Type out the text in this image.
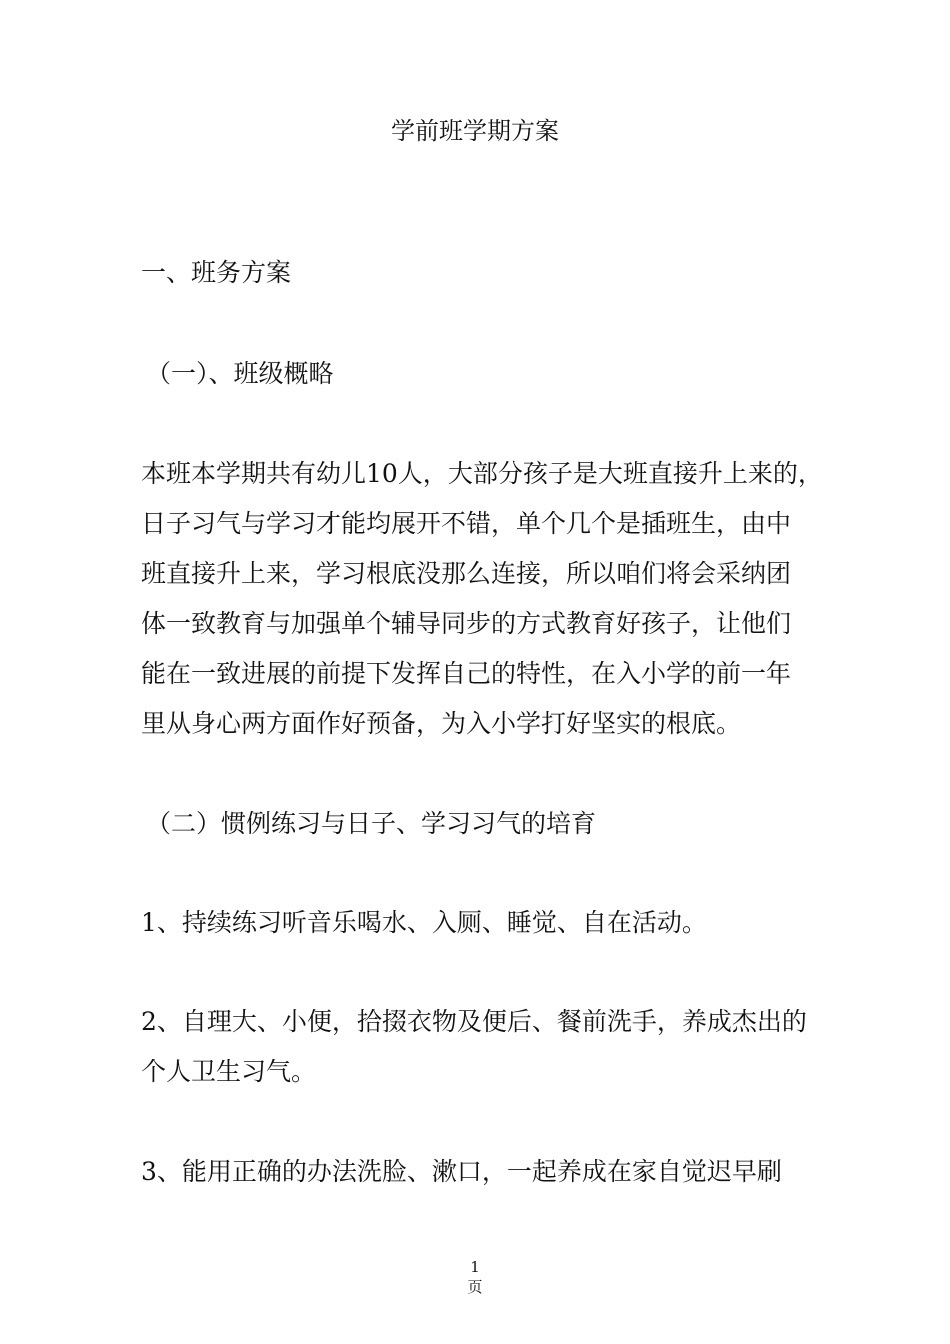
学前班学期方案
一、班务方案
（一）、班级概略
本班本学期共有幼儿10人，大部分孩子是大班直接升上来的，
日子习气与学习才能均展开不错，单个几个是插班生，由中
班直接升上来，学习根底没那么连接，所以咱们将会采纳团
体一致教育与加强单个辅导同步的方式教育好孩子，让他们
能在一致进展的前提下发挥自己的特性，在入小学的前一年
里从身心两方面作好预备，为入小学打好坚实的根底。
（二）惯例练习与日子、学习习气的培育
1、持续练习听音乐喝水、入厕、睡觉、自在活动。
2、自理大、小便，拾掇衣物及便后、餐前洗手，养成杰出的
个人卫生习气。
3、能用正确的办法洗脸、漱口，一起养成在家自觉迟早刷
1
页
